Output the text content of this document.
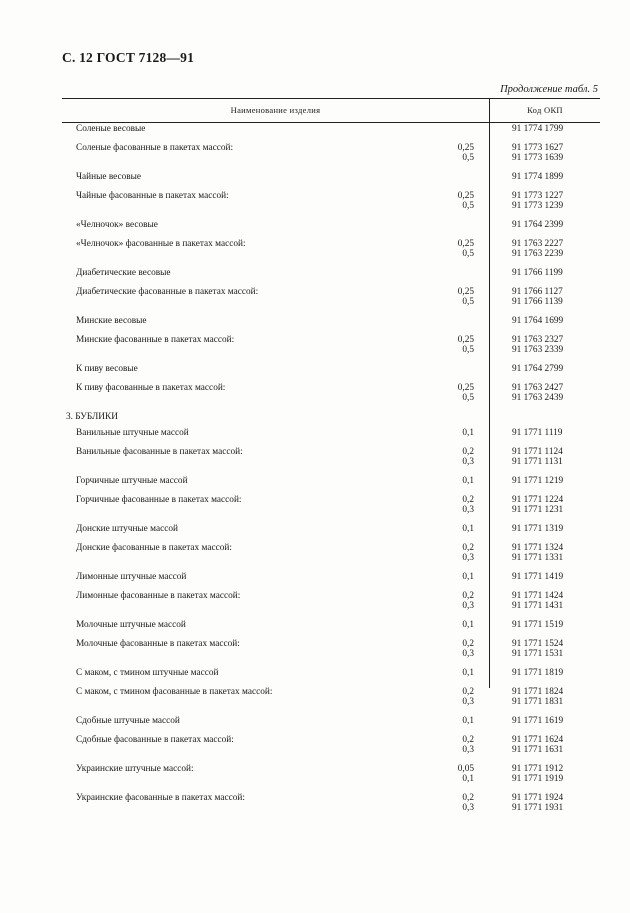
С. 12 ГОСТ 7128—91
Продолжение табл. 5
Наименование изделия	Код ОКП
Соленые весовые	91 1774 1799
Соленые фасованные в пакетах массой:	0,25	91 1773 1627
0,5	91 1773 1639
Чайные весовые	91 1774 1899
Чайные фасованные в пакетах массой:	0,25	91 1773 1227
0,5	91 1773 1239
«Челночок» весовые	91 1764 2399
«Челночок» фасованные в пакетах массой:	0,25	91 1763 2227
0,5	91 1763 2239
Диабетические весовые	91 1766 1199
Диабетические фасованные в пакетах массой:	0,25	91 1766 1127
0,5	91 1766 1139
Минские весовые	91 1764 1699
Минские фасованные в пакетах массой:	0,25	91 1763 2327
0,5	91 1763 2339
К пиву весовые	91 1764 2799
К пиву фасованные в пакетах массой:	0,25	91 1763 2427
0,5	91 1763 2439
3. БУБЛИКИ
Ванильные штучные массой	0,1	91 1771 1119
Ванильные фасованные в пакетах массой:	0,2	91 1771 1124
0,3	91 1771 1131
Горчичные штучные массой	0,1	91 1771 1219
Горчичные фасованные в пакетах массой:	0,2	91 1771 1224
0,3	91 1771 1231
Донские штучные массой	0,1	91 1771 1319
Донские фасованные в пакетах массой:	0,2	91 1771 1324
0,3	91 1771 1331
Лимонные штучные массой	0,1	91 1771 1419
Лимонные фасованные в пакетах массой:	0,2	91 1771 1424
0,3	91 1771 1431
Молочные штучные массой	0,1	91 1771 1519
Молочные фасованные в пакетах массой:	0,2	91 1771 1524
0,3	91 1771 1531
С маком, с тмином штучные массой	0,1	91 1771 1819
С маком, с тмином фасованные в пакетах массой:	0,2	91 1771 1824
0,3	91 1771 1831
Сдобные штучные массой	0,1	91 1771 1619
Сдобные фасованные в пакетах массой:	0,2	91 1771 1624
0,3	91 1771 1631
Украинские штучные массой:	0,05	91 1771 1912
0,1	91 1771 1919
Украинские фасованные в пакетах массой:	0,2	91 1771 1924
0,3	91 1771 1931
